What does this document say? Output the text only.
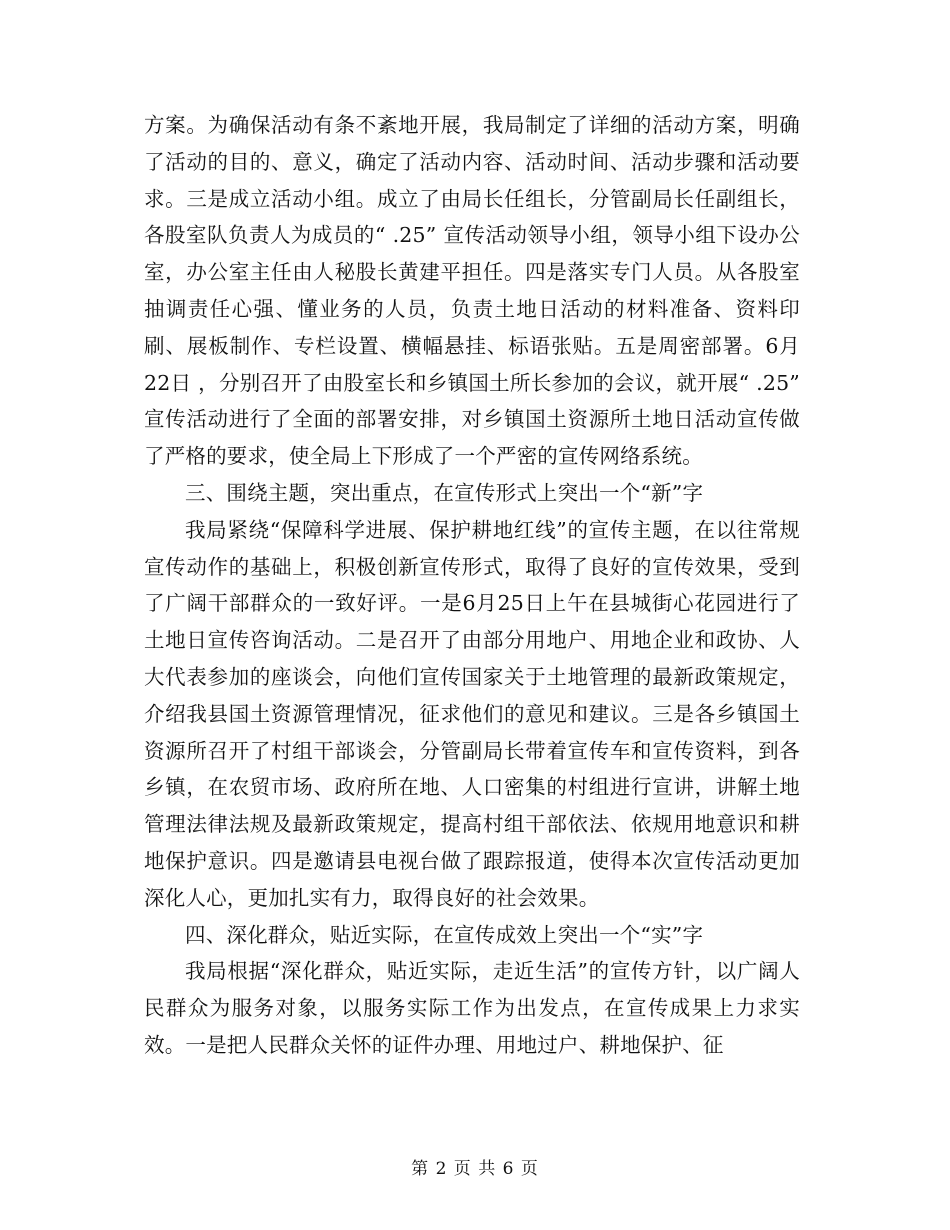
方案。为确保活动有条不紊地开展，我局制定了详细的活动方案，明确了活动的目的、意义，确定了活动内容、活动时间、活动步骤和活动要求。三是成立活动小组。成立了由局长任组长，分管副局长任副组长，各股室队负责人为成员的“ .25” 宣传活动领导小组，领导小组下设办公室，办公室主任由人秘股长黄建平担任。四是落实专门人员。从各股室抽调责任心强、懂业务的人员，负责土地日活动的材料准备、资料印刷、展板制作、专栏设置、横幅悬挂、标语张贴。五是周密部署。6月22日 ，分别召开了由股室长和乡镇国土所长参加的会议，就开展“ .25” 宣传活动进行了全面的部署安排，对乡镇国土资源所土地日活动宣传做了严格的要求，使全局上下形成了一个严密的宣传网络系统。

三、围绕主题，突出重点，在宣传形式上突出一个“新”字

我局紧绕“保障科学进展、保护耕地红线”的宣传主题，在以往常规宣传动作的基础上，积极创新宣传形式，取得了良好的宣传效果，受到了广阔干部群众的一致好评。一是6月25日上午在县城街心花园进行了土地日宣传咨询活动。二是召开了由部分用地户、用地企业和政协、人大代表参加的座谈会，向他们宣传国家关于土地管理的最新政策规定，介绍我县国土资源管理情况，征求他们的意见和建议。三是各乡镇国土资源所召开了村组干部谈会，分管副局长带着宣传车和宣传资料，到各乡镇，在农贸市场、政府所在地、人口密集的村组进行宣讲，讲解土地管理法律法规及最新政策规定，提高村组干部依法、依规用地意识和耕地保护意识。四是邀请县电视台做了跟踪报道，使得本次宣传活动更加深化人心，更加扎实有力，取得良好的社会效果。

四、深化群众，贴近实际，在宣传成效上突出一个“实”字

我局根据“深化群众，贴近实际，走近生活”的宣传方针，以广阔人民群众为服务对象，以服务实际工作为出发点，在宣传成果上力求实效。一是把人民群众关怀的证件办理、用地过户、耕地保护、征

第 2 页 共 6 页
